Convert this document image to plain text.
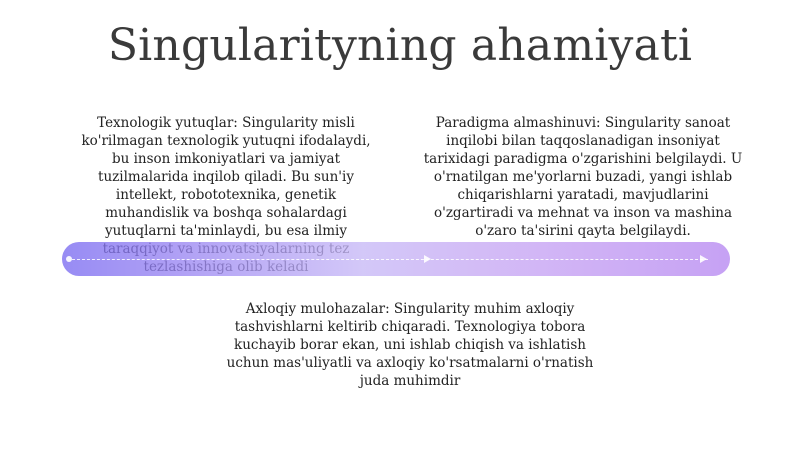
Singularityning ahamiyati
Texnologik yutuqlar: Singularity misli ko'rilmagan texnologik yutuqni ifodalaydi, bu inson imkoniyatlari va jamiyat tuzilmalarida inqilob qiladi. Bu sun'iy intellekt, robototexnika, genetik muhandislik va boshqa sohalardagi yutuqlarni ta'minlaydi, bu esa ilmiy
Paradigma almashinuvi: Singularity sanoat inqilobi bilan taqqoslanadigan insoniyat tarixidagi paradigma o'zgarishini belgilaydi. U o'rnatilgan me'yorlarni buzadi, yangi ishlab chiqarishlarni yaratadi, mavjudlarini o'zgartiradi va mehnat va inson va mashina o'zaro ta'sirini qayta belgilaydi.
Axloqiy mulohazalar: Singularity muhim axloqiy tashvishlarni keltirib chiqaradi. Texnologiya tobora kuchayib borar ekan, uni ishlab chiqish va ishlatish uchun mas'uliyatli va axloqiy ko'rsatmalarni o'rnatish juda muhimdir
